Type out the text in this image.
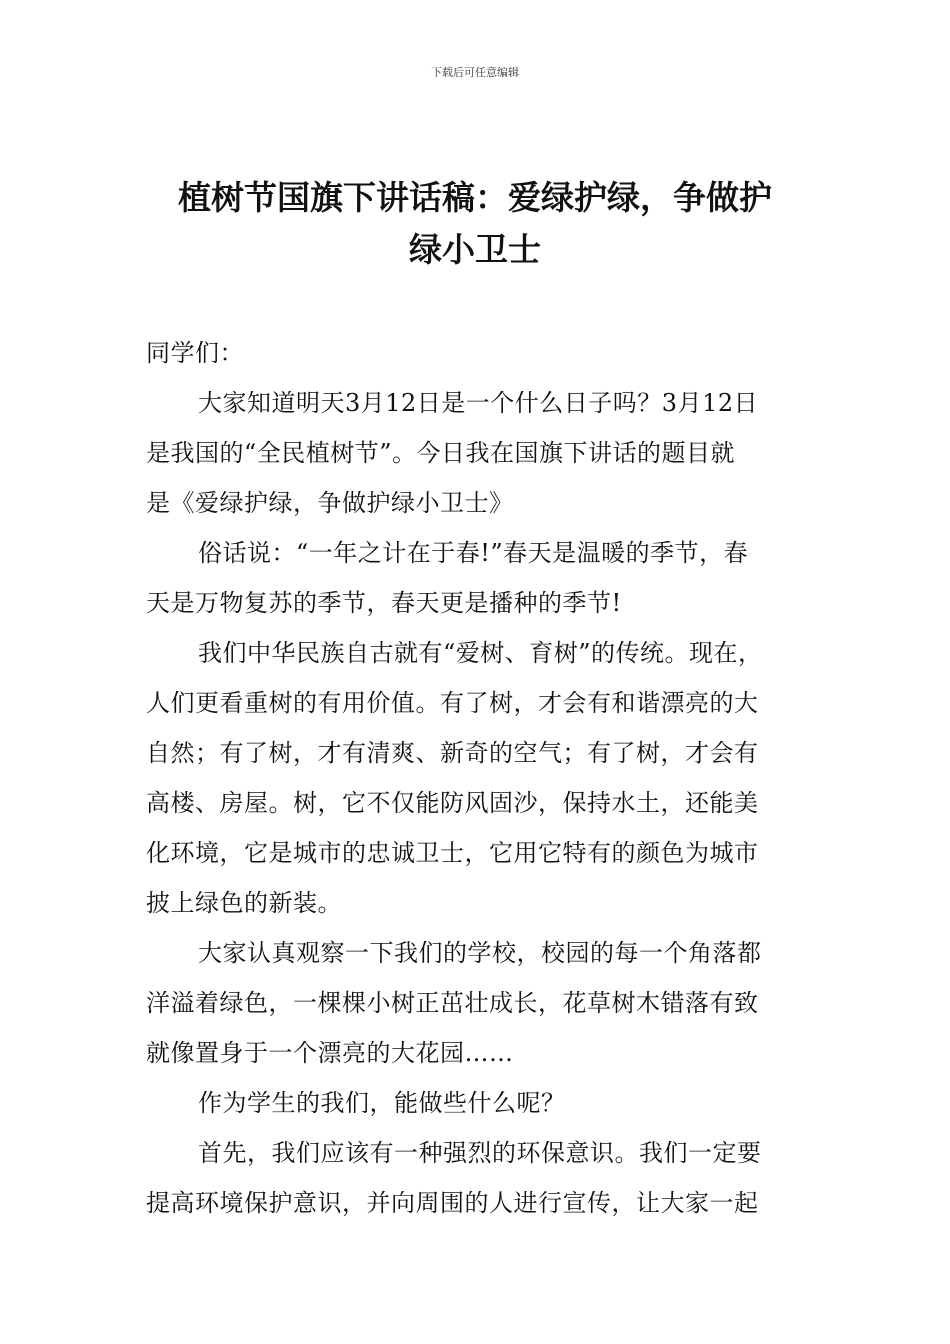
下载后可任意编辑
植树节国旗下讲话稿：爱绿护绿，争做护
绿小卫士
同学们：
大家知道明天3月12日是一个什么日子吗？3月12日
是我国的“全民植树节”。今日我在国旗下讲话的题目就
是《爱绿护绿，争做护绿小卫士》
俗话说：“一年之计在于春!”春天是温暖的季节，春
天是万物复苏的季节，春天更是播种的季节!
我们中华民族自古就有“爱树、育树”的传统。现在，
人们更看重树的有用价值。有了树，才会有和谐漂亮的大
自然；有了树，才有清爽、新奇的空气；有了树，才会有
高楼、房屋。树，它不仅能防风固沙，保持水土，还能美
化环境，它是城市的忠诚卫士，它用它特有的颜色为城市
披上绿色的新装。
大家认真观察一下我们的学校，校园的每一个角落都
洋溢着绿色，一棵棵小树正茁壮成长，花草树木错落有致
就像置身于一个漂亮的大花园……
作为学生的我们，能做些什么呢？
首先，我们应该有一种强烈的环保意识。我们一定要
提高环境保护意识，并向周围的人进行宣传，让大家一起
